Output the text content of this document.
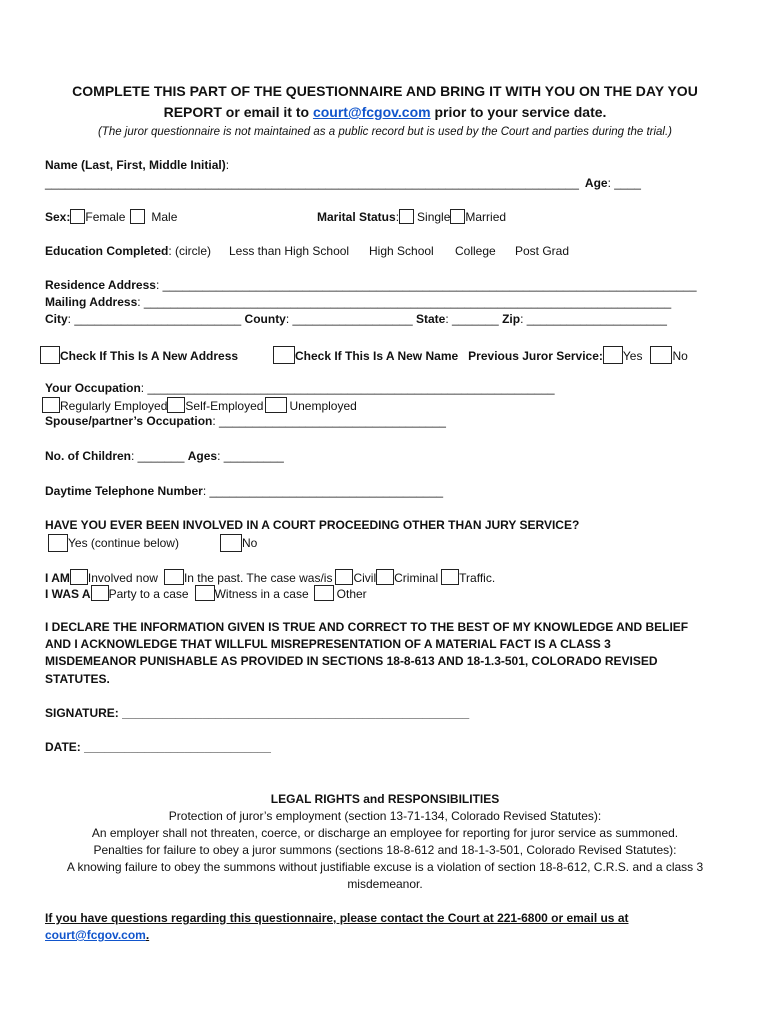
COMPLETE THIS PART OF THE QUESTIONNAIRE AND BRING IT WITH YOU ON THE DAY YOU
REPORT or email it to court@fcgov.com prior to your service date.
(The juror questionnaire is not maintained as a public record but is used by the Court and parties during the trial.)
Name (Last, First, Middle Initial):
________________________________________________________________________________ Age: ____
Sex: Female Male	Marital Status: Single Married
Education Completed: (circle) Less than High School High School College Post Grad
Residence Address: ________________________________________________________________________________
Mailing Address: _______________________________________________________________________________
City: _________________________ County: __________________ State: _______ Zip: _____________________
Check If This Is A New Address	Check If This Is A New Name Previous Juror Service: Yes	No
Your Occupation: _____________________________________________________________
Regularly Employed Self-Employed Unemployed
Spouse/partner’s Occupation: __________________________________
No. of Children: _______ Ages: _________
Daytime Telephone Number: ___________________________________
HAVE YOU EVER BEEN INVOLVED IN A COURT PROCEEDING OTHER THAN JURY SERVICE?
Yes (continue below)	No
I AM Involved now In the past. The case was/is Civil Criminal Traffic.
I WAS A Party to a case Witness in a case Other
I DECLARE THE INFORMATION GIVEN IS TRUE AND CORRECT TO THE BEST OF MY KNOWLEDGE AND BELIEF
AND I ACKNOWLEDGE THAT WILLFUL MISREPRESENTATION OF A MATERIAL FACT IS A CLASS 3
MISDEMEANOR PUNISHABLE AS PROVIDED IN SECTIONS 18-8-613 AND 18-1.3-501, COLORADO REVISED
STATUTES.
SIGNATURE: ____________________________________________________
DATE: ____________________________
LEGAL RIGHTS and RESPONSIBILITIES
Protection of juror’s employment (section 13-71-134, Colorado Revised Statutes):
An employer shall not threaten, coerce, or discharge an employee for reporting for juror service as summoned.
Penalties for failure to obey a juror summons (sections 18-8-612 and 18-1-3-501, Colorado Revised Statutes):
A knowing failure to obey the summons without justifiable excuse is a violation of section 18-8-612, C.R.S. and a class 3
misdemeanor.
If you have questions regarding this questionnaire, please contact the Court at 221-6800 or email us at
court@fcgov.com.
